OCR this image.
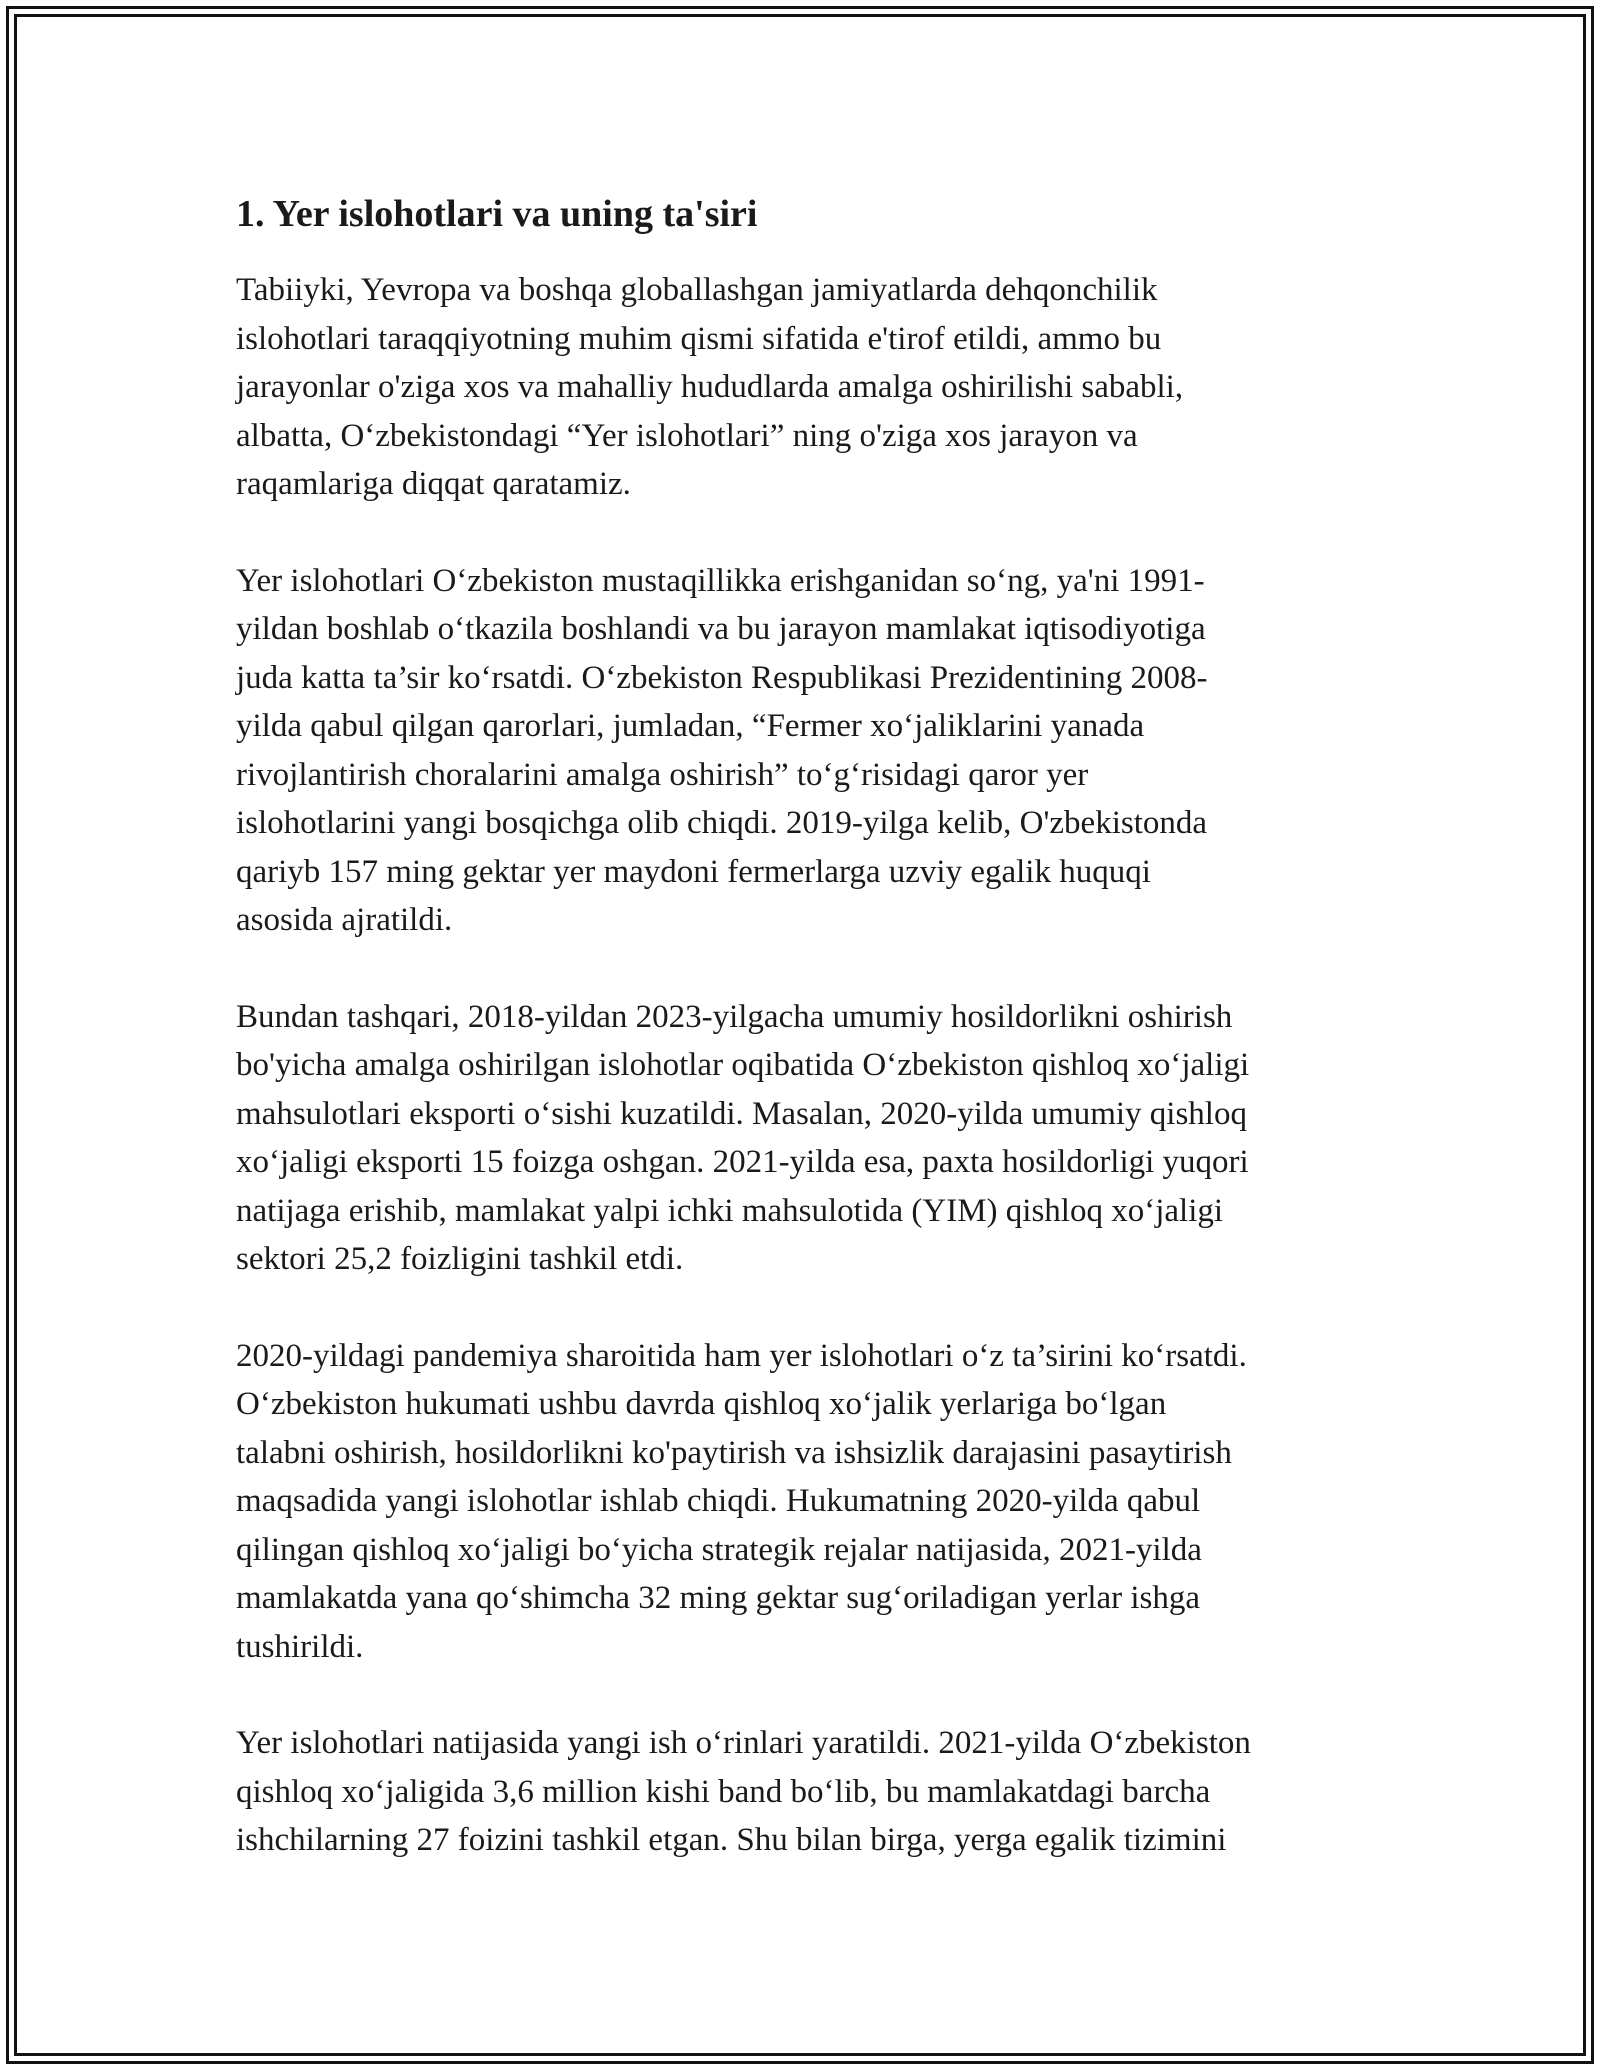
1. Yer islohotlari va uning ta'siri

Tabiiyki, Yevropa va boshqa globallashgan jamiyatlarda dehqonchilik
islohotlari taraqqiyotning muhim qismi sifatida e'tirof etildi, ammo bu
jarayonlar o'ziga xos va mahalliy hududlarda amalga oshirilishi sababli,
albatta, O‘zbekistondagi “Yer islohotlari” ning o'ziga xos jarayon va
raqamlariga diqqat qaratamiz.

Yer islohotlari O‘zbekiston mustaqillikka erishganidan so‘ng, ya'ni 1991-
yildan boshlab o‘tkazila boshlandi va bu jarayon mamlakat iqtisodiyotiga
juda katta ta’sir ko‘rsatdi. O‘zbekiston Respublikasi Prezidentining 2008-
yilda qabul qilgan qarorlari, jumladan, “Fermer xo‘jaliklarini yanada
rivojlantirish choralarini amalga oshirish” to‘g‘risidagi qaror yer
islohotlarini yangi bosqichga olib chiqdi. 2019-yilga kelib, O'zbekistonda
qariyb 157 ming gektar yer maydoni fermerlarga uzviy egalik huquqi
asosida ajratildi.

Bundan tashqari, 2018-yildan 2023-yilgacha umumiy hosildorlikni oshirish
bo'yicha amalga oshirilgan islohotlar oqibatida O‘zbekiston qishloq xo‘jaligi
mahsulotlari eksporti o‘sishi kuzatildi. Masalan, 2020-yilda umumiy qishloq
xo‘jaligi eksporti 15 foizga oshgan. 2021-yilda esa, paxta hosildorligi yuqori
natijaga erishib, mamlakat yalpi ichki mahsulotida (YIM) qishloq xo‘jaligi
sektori 25,2 foizligini tashkil etdi.

2020-yildagi pandemiya sharoitida ham yer islohotlari o‘z ta’sirini ko‘rsatdi.
O‘zbekiston hukumati ushbu davrda qishloq xo‘jalik yerlariga bo‘lgan
talabni oshirish, hosildorlikni ko'paytirish va ishsizlik darajasini pasaytirish
maqsadida yangi islohotlar ishlab chiqdi. Hukumatning 2020-yilda qabul
qilingan qishloq xo‘jaligi bo‘yicha strategik rejalar natijasida, 2021-yilda
mamlakatda yana qo‘shimcha 32 ming gektar sug‘oriladigan yerlar ishga
tushirildi.

Yer islohotlari natijasida yangi ish o‘rinlari yaratildi. 2021-yilda O‘zbekiston
qishloq xo‘jaligida 3,6 million kishi band bo‘lib, bu mamlakatdagi barcha
ishchilarning 27 foizini tashkil etgan. Shu bilan birga, yerga egalik tizimini
